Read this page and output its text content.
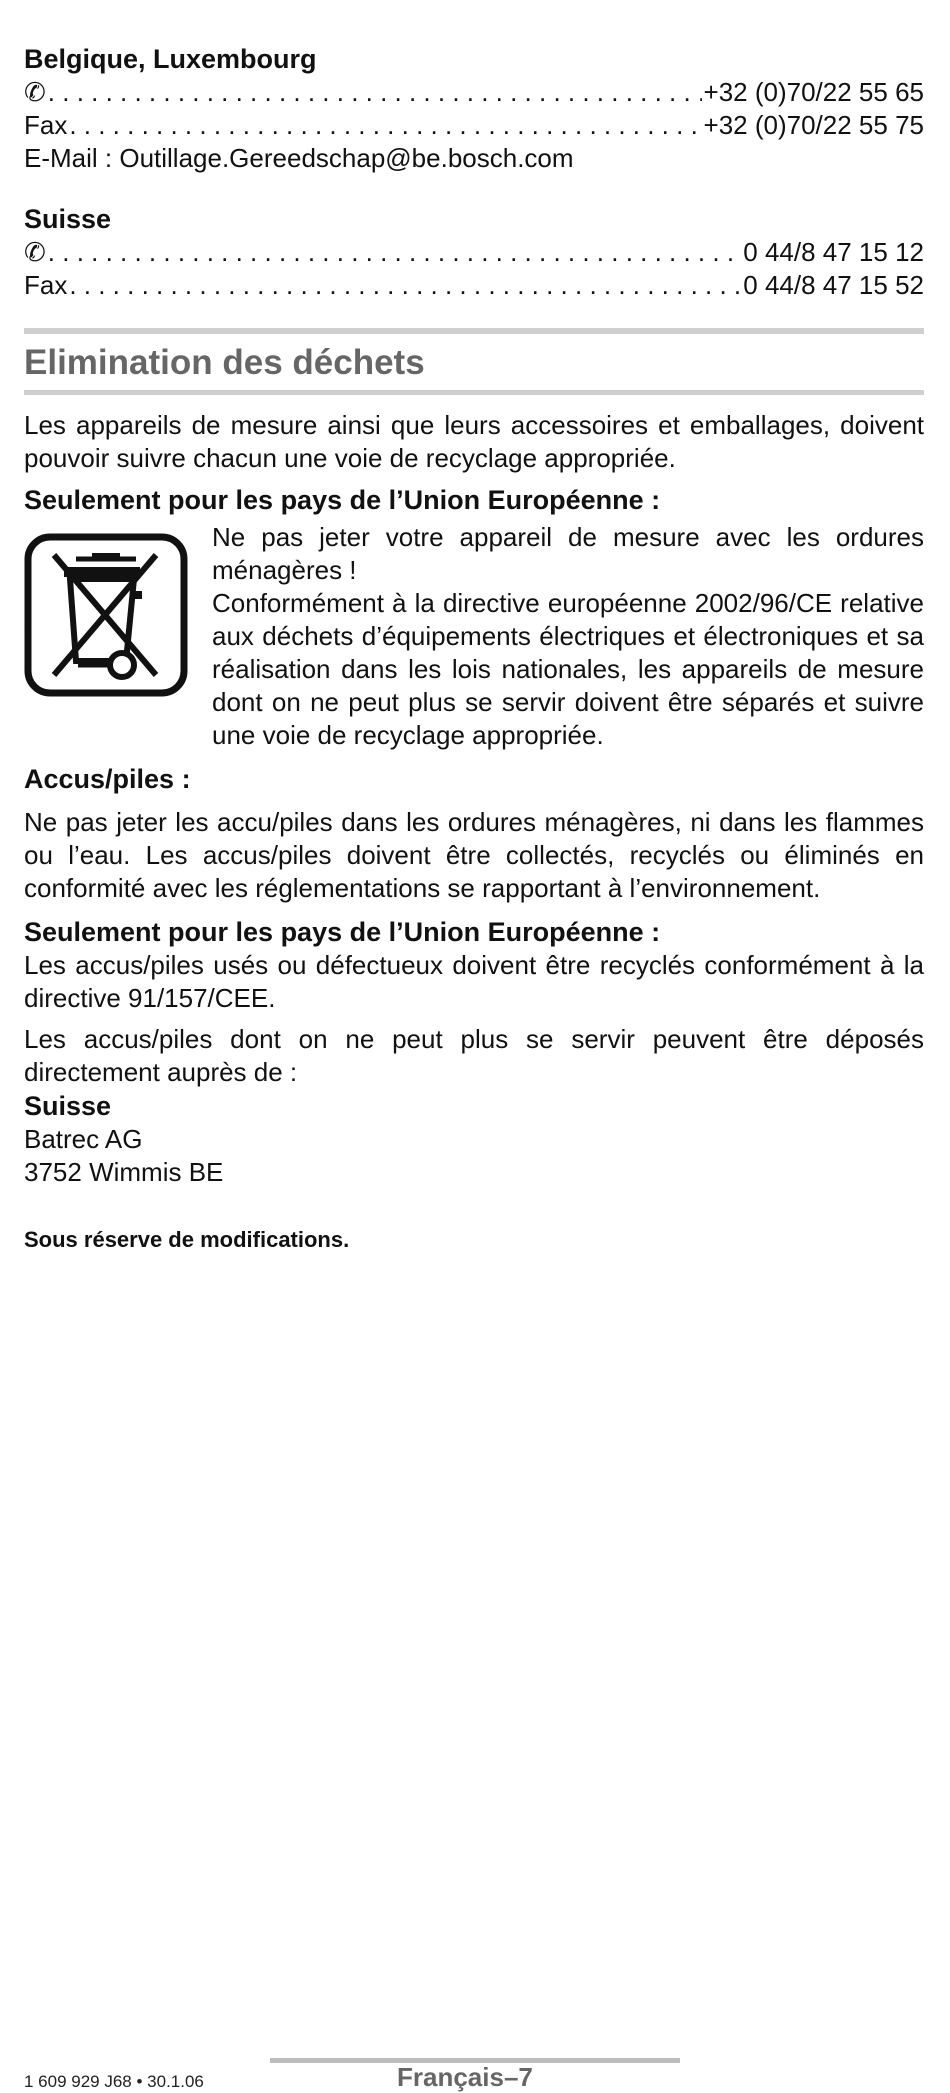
Belgique, Luxembourg
✆ . . .	+32 (0)70/22 55 65
Fax . . .	+32 (0)70/22 55 75
E-Mail : Outillage.Gereedschap@be.bosch.com
Suisse
✆ . . .	0 44/8 47 15 12
Fax . . .	0 44/8 47 15 52
Elimination des déchets
Les appareils de mesure ainsi que leurs accessoires et emballages, doivent pouvoir suivre chacun une voie de recyclage appropriée.
Seulement pour les pays de l’Union Européenne :
Ne pas jeter votre appareil de mesure avec les ordures ménagères !
Conformément à la directive européenne 2002/96/CE relative aux déchets d’équipements électriques et électroniques et sa réalisation dans les lois nationales, les appareils de mesure dont on ne peut plus se servir doivent être séparés et suivre une voie de recyclage appropriée.
Accus/piles :
Ne pas jeter les accu/piles dans les ordures ménagères, ni dans les flammes ou l’eau. Les accus/piles doivent être collectés, recyclés ou éliminés en conformité avec les réglementations se rapportant à l’environnement.
Seulement pour les pays de l’Union Européenne :
Les accus/piles usés ou défectueux doivent être recyclés conformément à la directive 91/157/CEE.
Les accus/piles dont on ne peut plus se servir peuvent être déposés directement auprès de :
Suisse
Batrec AG
3752 Wimmis BE
Sous réserve de modifications.
1 609 929 J68 • 30.1.06	Français–7
